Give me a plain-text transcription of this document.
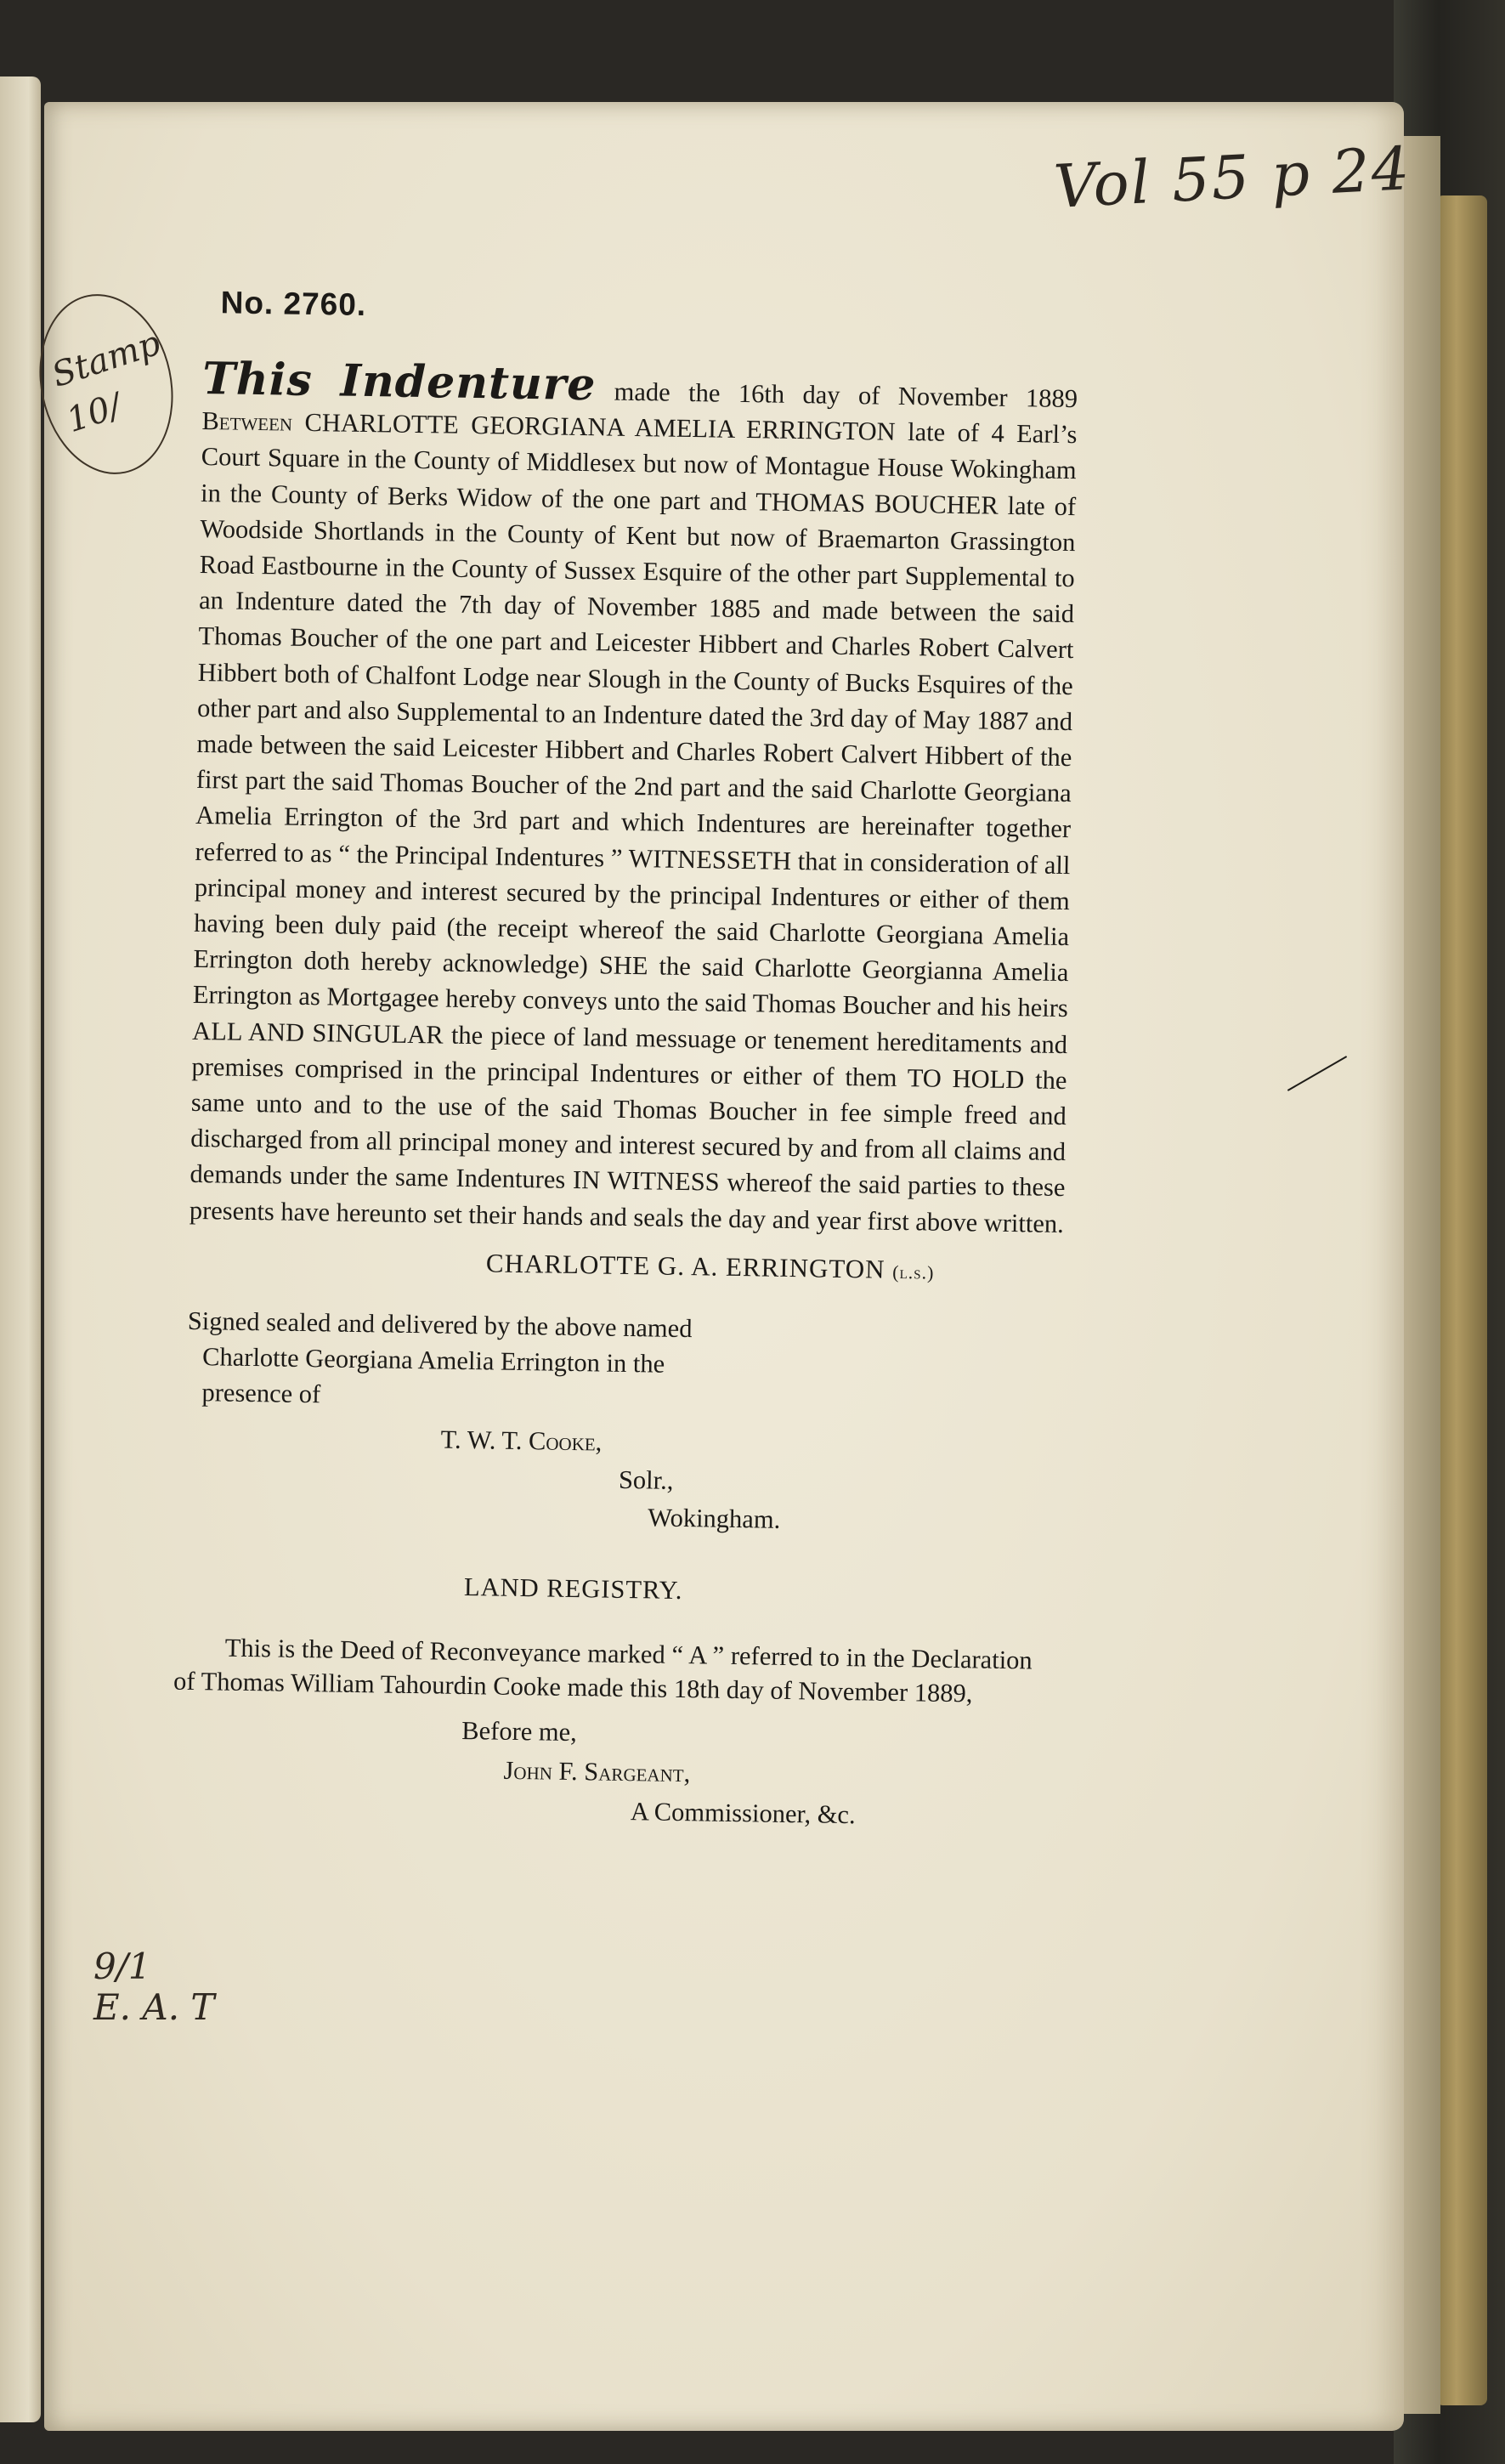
Vol 55 p 24
Stamp
10/
No. 2760.

This Indenture made the 16th day of November 1889 Between CHARLOTTE GEORGIANA AMELIA ERRINGTON late of 4 Earl’s Court Square in the County of Middlesex but now of Montague House Wokingham in the County of Berks Widow of the one part and THOMAS BOUCHER late of Woodside Shortlands in the County of Kent but now of Braemarton Grassington Road Eastbourne in the County of Sussex Esquire of the other part Supplemental to an Indenture dated the 7th day of November 1885 and made between the said Thomas Boucher of the one part and Leicester Hibbert and Charles Robert Calvert Hibbert both of Chalfont Lodge near Slough in the County of Bucks Esquires of the other part and also Supplemental to an Indenture dated the 3rd day of May 1887 and made between the said Leicester Hibbert and Charles Robert Calvert Hibbert of the first part the said Thomas Boucher of the 2nd part and the said Charlotte Georgiana Amelia Errington of the 3rd part and which Indentures are hereinafter together referred to as “ the Principal Indentures ” WITNESSETH that in consideration of all principal money and interest secured by the principal Indentures or either of them having been duly paid (the receipt whereof the said Charlotte Georgiana Amelia Errington doth hereby acknowledge) SHE the said Charlotte Georgianna Amelia Errington as Mortgagee hereby conveys unto the said Thomas Boucher and his heirs ALL AND SINGULAR the piece of land messuage or tenement hereditaments and premises comprised in the principal Indentures or either of them TO HOLD the same unto and to the use of the said Thomas Boucher in fee simple freed and discharged from all principal money and interest secured by and from all claims and demands under the same Indentures IN WITNESS whereof the said parties to these presents have hereunto set their hands and seals the day and year first above written.

CHARLOTTE G. A. ERRINGTON (l.s.)
Signed sealed and delivered by the above named
Charlotte Georgiana Amelia Errington in the
presence of
T. W. T. Cooke,
Solr.,
Wokingham.
LAND REGISTRY.

This is the Deed of Reconveyance marked “ A ” referred to in the Declaration of Thomas William Tahourdin Cooke made this 18th day of November 1889,

Before me,
John F. Sargeant,
A Commissioner, &c.
9/1
E. A. T
